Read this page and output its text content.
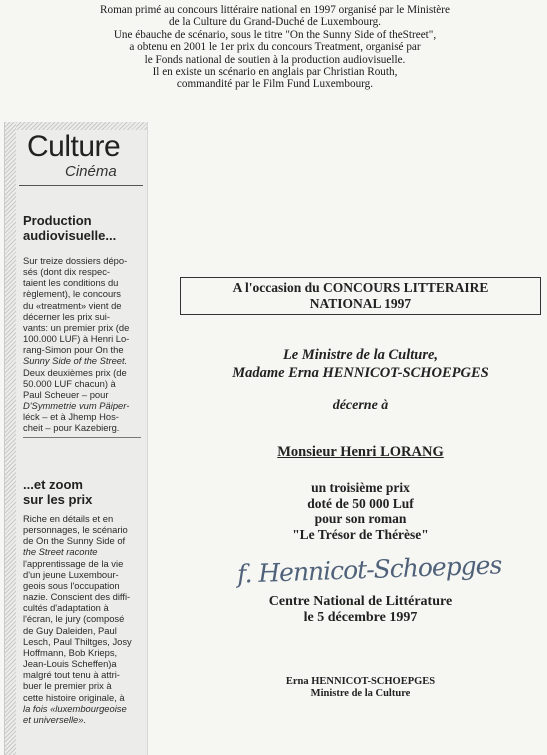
Roman primé au concours littéraire national en 1997 organisé par le Ministère
de la Culture du Grand-Duché de Luxembourg.
Une ébauche de scénario, sous le titre "On the Sunny Side of theStreet",
a obtenu en 2001 le 1er prix du concours Treatment, organisé par
le Fonds national de soutien à la production audiovisuelle.
Il en existe un scénario en anglais par Christian Routh,
commandité par le Film Fund Luxembourg.
Culture
Cinéma
Production
audiovisuelle...
Sur treize dossiers dépo-
sés (dont dix respec-
taient les conditions du
règlement), le concours
du «treatment» vient de
décerner les prix sui-
vants: un premier prix (de
100.000 LUF) à Henri Lo-
rang-Simon pour On the
Sunny Side of the Street.
Deux deuxièmes prix (de
50.000 LUF chacun) à
Paul Scheuer – pour
D'Symmetrie vum Päiper-
léck – et à Jhemp Hos-
cheit – pour Kazebierg.
...et zoom
sur les prix
Riche en détails et en
personnages, le scénario
de On the Sunny Side of
the Street raconte
l'apprentissage de la vie
d'un jeune Luxembour-
geois sous l'occupation
nazie. Conscient des diffi-
cultés d'adaptation à
l'écran, le jury (composé
de Guy Daleiden, Paul
Lesch, Paul Thiltges, Josy
Hoffmann, Bob Krieps,
Jean-Louis Scheffen)a
malgré tout tenu à attri-
buer le premier prix à
cette histoire originale, à
la fois «luxembourgeoise
et universelle».
A l'occasion du CONCOURS LITTERAIRE
NATIONAL 1997
Le Ministre de la Culture,
Madame Erna HENNICOT-SCHOEPGES
décerne à
Monsieur Henri LORANG
un troisième prix
doté de 50 000 Luf
pour son roman
"Le Trésor de Thérèse"
f. Hennicot-Schoepges
Centre National de Littérature
le 5 décembre 1997
Erna HENNICOT-SCHOEPGES
Ministre de la Culture
